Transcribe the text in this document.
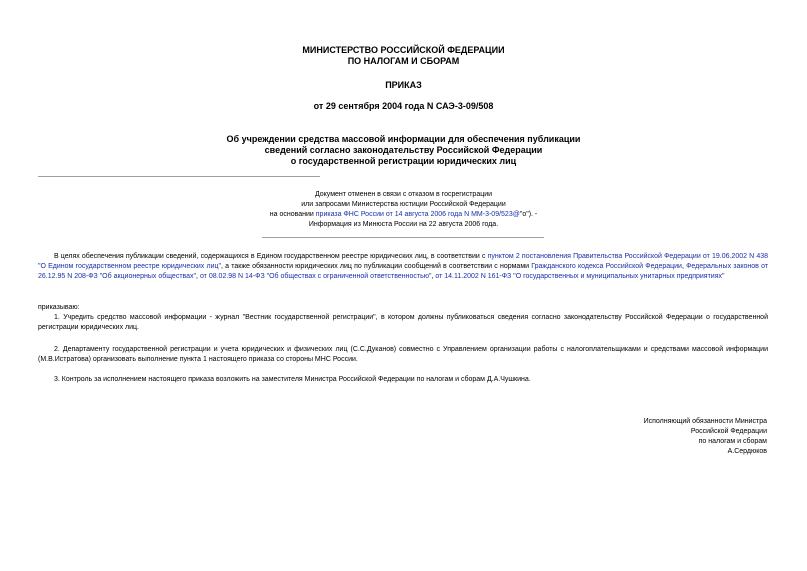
МИНИСТЕРСТВО РОССИЙСКОЙ ФЕДЕРАЦИИ
ПО НАЛОГАМ И СБОРАМ
ПРИКАЗ
от 29 сентября 2004 года N САЭ-3-09/508
Об учреждении средства массовой информации для обеспечения публикации
сведений согласно законодательству Российской Федерации
о государственной регистрации юридических лиц
Документ отменен в связи с отказом в госрегистрации
или запросами Министерства юстиции Российской Федерации
на основании приказа ФНС России от 14 августа 2006 года N ММ-3-09/523@"о"). -
Информация из Минюста России на 22 августа 2006 года.
В целях обеспечения публикации сведений, содержащихся в Едином государственном реестре юридических лиц, в соответствии с пунктом 2 постановления Правительства Российской Федерации от 19.06.2002 N 438 "О Едином государственном реестре юридических лиц", а также обязанности юридических лиц по публикации сообщений в соответствии с нормами Гражданского кодекса Российской Федерации, Федеральных законов от 26.12.95 N 208-ФЗ "Об акционерных обществах", от 08.02.98 N 14-ФЗ "Об обществах с ограниченной ответственностью", от 14.11.2002 N 161-ФЗ "О государственных и муниципальных унитарных предприятиях"
приказываю:
1. Учредить средство массовой информации - журнал "Вестник государственной регистрации", в котором должны публиковаться сведения согласно законодательству Российской Федерации о государственной регистрации юридических лиц.
2. Департаменту государственной регистрации и учета юридических и физических лиц (С.С.Дуканов) совместно с Управлением организации работы с налогоплательщиками и средствами массовой информации (М.В.Истратова) организовать выполнение пункта 1 настоящего приказа со стороны МНС России.
3. Контроль за исполнением настоящего приказа возложить на заместителя Министра Российской Федерации по налогам и сборам Д.А.Чушкина.
Исполняющий обязанности Министра
Российской Федерации
по налогам и сборам
А.Сердюков
